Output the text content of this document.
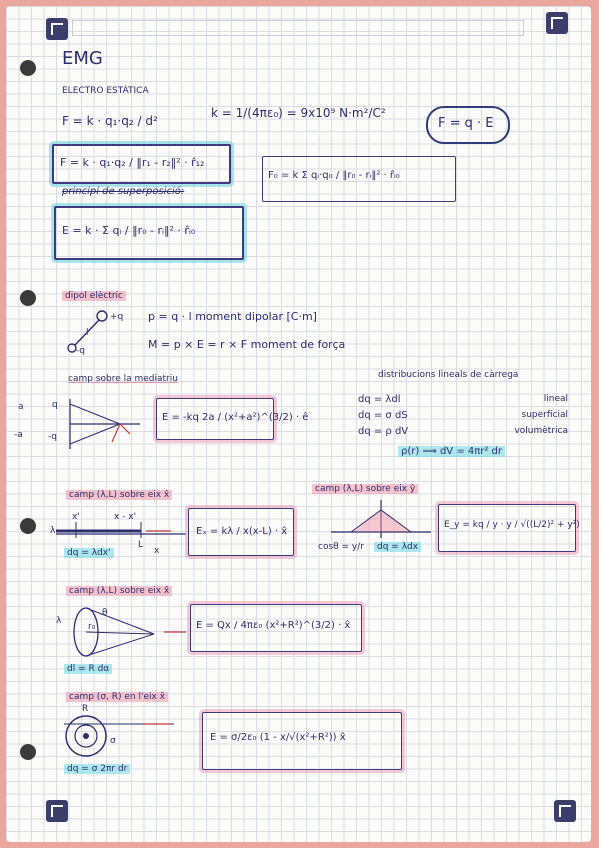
EMG
ELECTRO ESTÀTICA
F = k · q₁·q₂ / d²
k = 1/(4πε₀) = 9x10⁹ N·m²/C²
F = q · E
F = k · q₁·q₂ / ‖r₁ - r₂‖² · r̂₁₂
principi de superposició:
F₀ = k Σ qᵢ·q₀ / ‖r₀ - rᵢ‖² · r̂ᵢ₀
E = k · Σ qᵢ / ‖r₀ - rᵢ‖² · r̂ᵢ₀
dipol elèctric
+q
-q
l
p = q · l moment dipolar [C·m]
M = p × E = r × F moment de força
camp sobre la mediatriu
a
-a
q
-q
E = -kq 2a / (x²+a²)^(3/2) · ê
distribucions lineals de càrrega
dq = λdl	lineal
dq = σ dS	superficial
dq = ρ dV	volumètrica
ρ(r) ⟹ dV = 4πr² dr
camp (λ,L) sobre eix x̂
x'	x - x'
λ
L
x
dq = λdx'
Eₓ = kλ / x(x-L) · x̂
camp (λ,L) sobre eix ŷ
cosθ = y/r	dq = λdx
E_y = kq / y · y / √((L/2)² + y²)
camp (λ,L) sobre eix x̂
λ
θ
r₀
dl = R dα
E = Qx / 4πε₀ (x²+R²)^(3/2) · x̂
camp (σ, R) en l'eix x̂
R
σ
dq = σ 2πr dr
E = σ/2ε₀ (1 - x/√(x²+R²)) x̂
